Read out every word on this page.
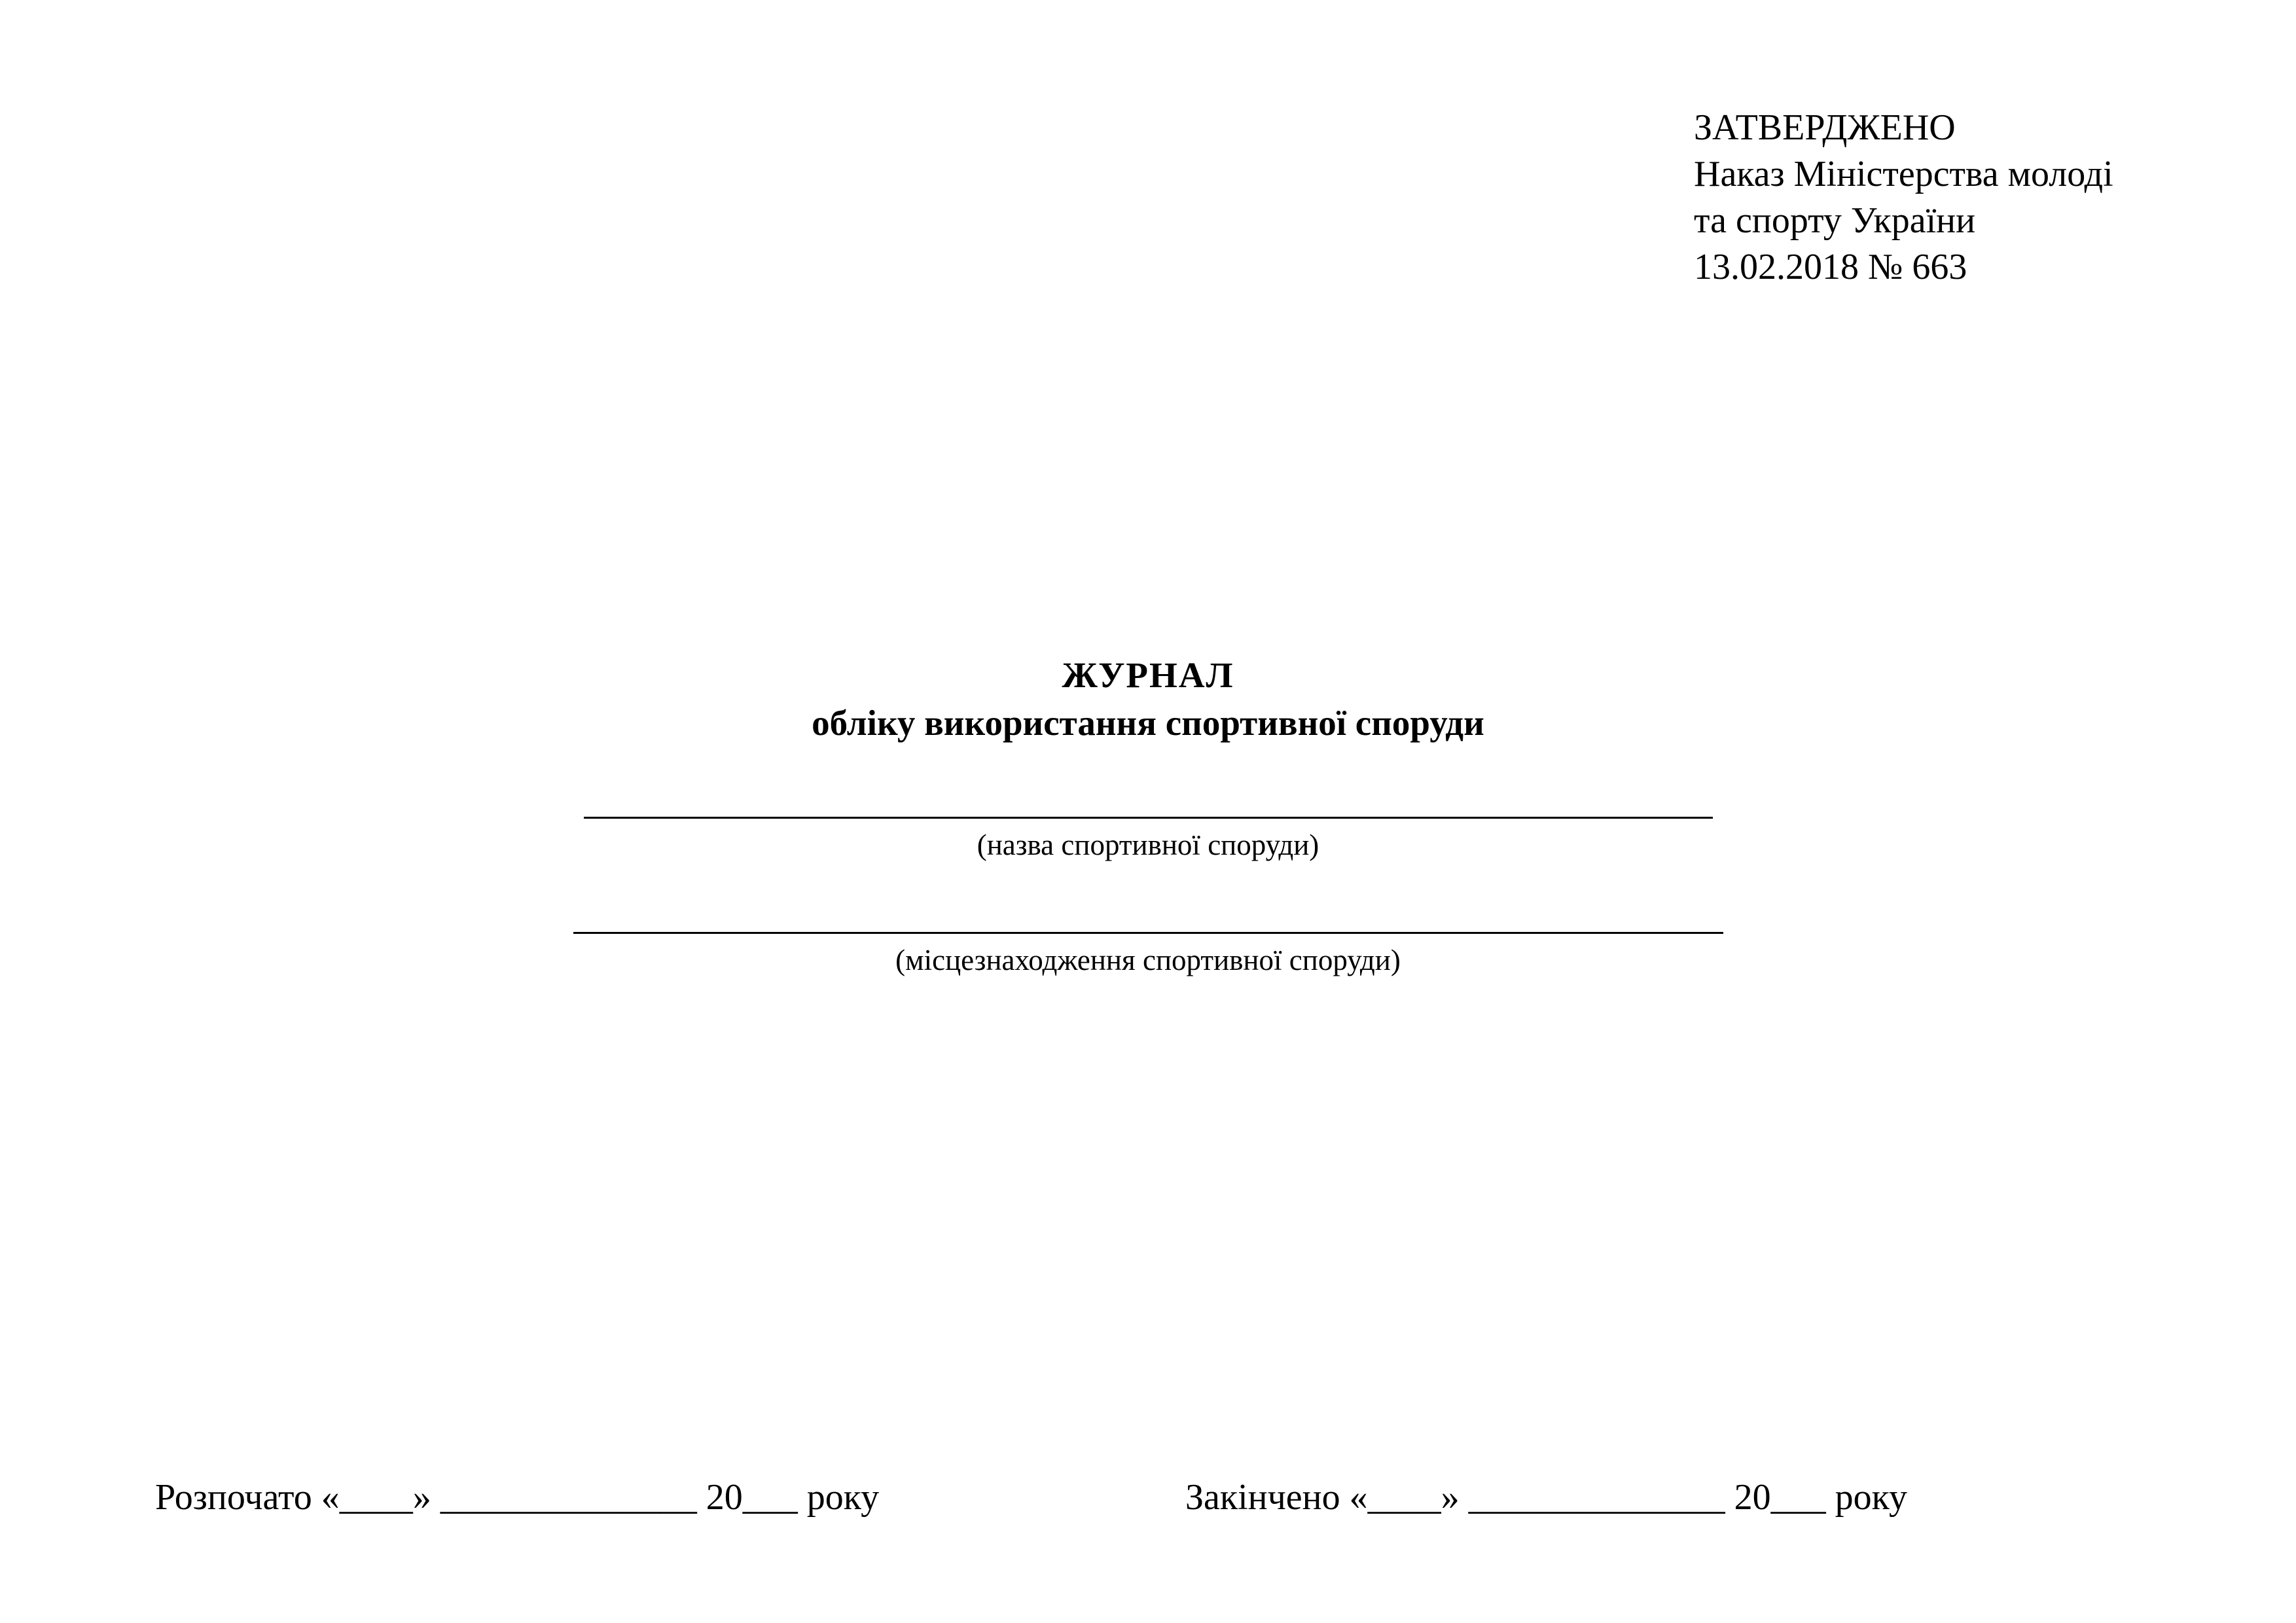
ЗАТВЕРДЖЕНО
Наказ Міністерства молоді
та спорту України
13.02.2018 № 663
ЖУРНАЛ
обліку використання спортивної споруди
(назва спортивної споруди)
(місцезнаходження спортивної споруди)
Розпочато «____» ______________ 20___ року	Закінчено «____» ______________ 20___ року
